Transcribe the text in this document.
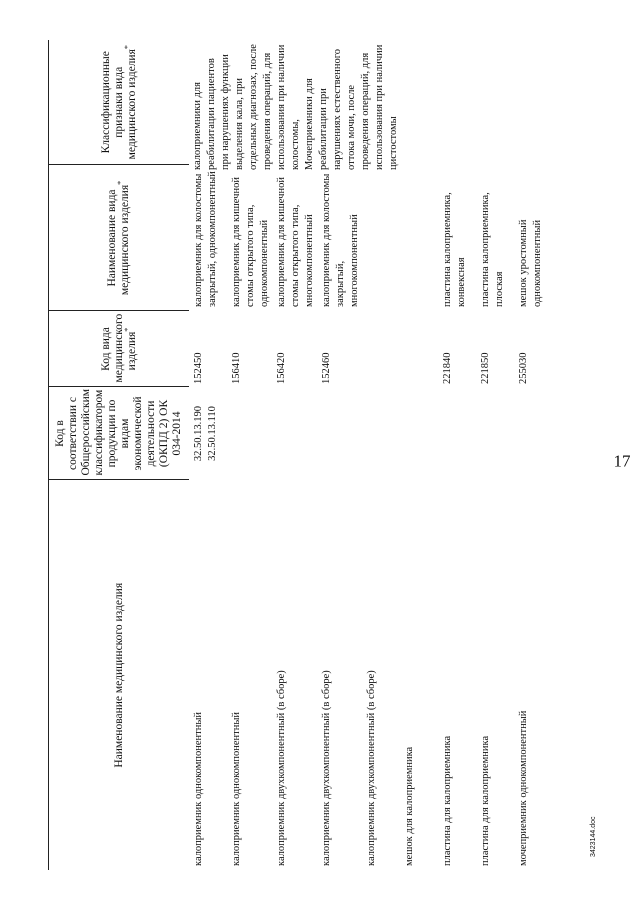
17
Наименование медицинского изделия	Код в соответствии с Общероссийским классификатором продукции по видам экономической деятельности (ОКПД 2) ОК 034-2014	Код вида медицинского изделия*	Наименование вида медицинского изделия*	Классификационные признаки вида медицинского изделия*
калоприемник однокомпонентный	32.50.13.190 32.50.13.110	152450	калоприемник для колостомы закрытый, однокомпонентный	
калоприемник однокомпонентный		156410	калоприемник для кишечной стомы открытого типа, однокомпонентный	
калоприемник двухкомпонентный (в сборе)		156420	калоприемник для кишечной стомы открытого типа, многокомпонентный	
калоприемник двухкомпонентный (в сборе)		152460	калоприемник для колостомы закрытый, многокомпонентный	
калоприемник двухкомпонентный (в сборе)				
мешок для калоприемника				
пластина для калоприемника		221840	пластина калоприемника, конвексная	
пластина для калоприемника		221850	пластина калоприемника, плоская	
мочеприемник однокомпонентный		255030	мешок уростомный однокомпонентный	
калоприемники для реабилитации пациентов при нарушениях функции выделения кала, при отдельных диагнозах, после проведения операций, для использования при наличии колостомы, Мочеприемники для реабилитации при нарушениях естественного оттока мочи, после проведения операций, для использования при наличии цистостомы
3423144.doc
